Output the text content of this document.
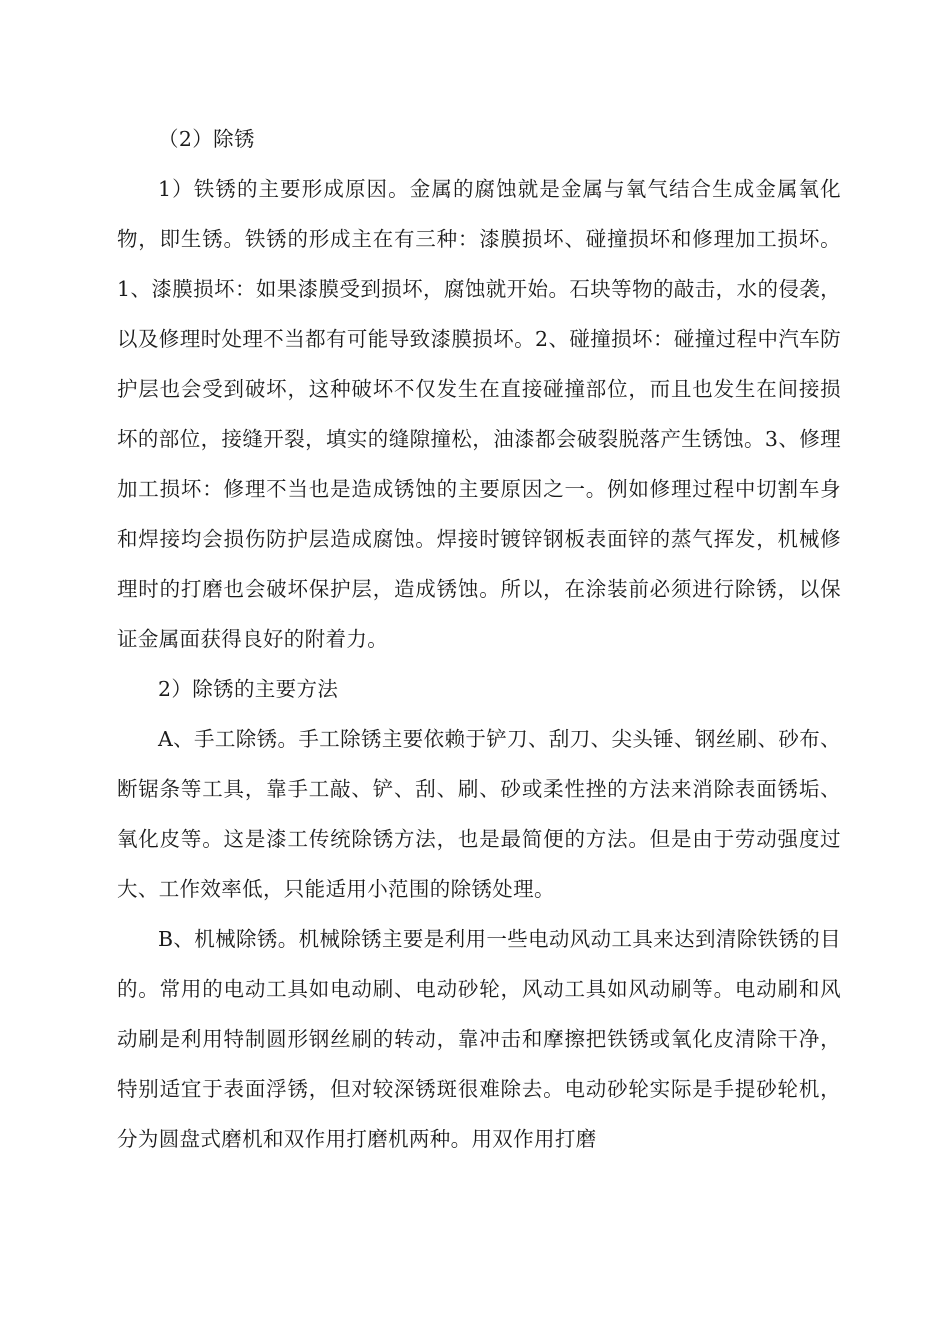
（2）除锈

1）铁锈的主要形成原因。金属的腐蚀就是金属与氧气结合生成金属氧化物，即生锈。铁锈的形成主在有三种：漆膜损坏、碰撞损坏和修理加工损坏。1、漆膜损坏：如果漆膜受到损坏，腐蚀就开始。石块等物的敲击，水的侵袭，以及修理时处理不当都有可能导致漆膜损坏。2、碰撞损坏：碰撞过程中汽车防护层也会受到破坏，这种破坏不仅发生在直接碰撞部位，而且也发生在间接损坏的部位，接缝开裂，填实的缝隙撞松，油漆都会破裂脱落产生锈蚀。3、修理加工损坏：修理不当也是造成锈蚀的主要原因之一。例如修理过程中切割车身和焊接均会损伤防护层造成腐蚀。焊接时镀锌钢板表面锌的蒸气挥发，机械修理时的打磨也会破坏保护层，造成锈蚀。所以，在涂装前必须进行除锈，以保证金属面获得良好的附着力。

2）除锈的主要方法

A、手工除锈。手工除锈主要依赖于铲刀、刮刀、尖头锤、钢丝刷、砂布、断锯条等工具，靠手工敲、铲、刮、刷、砂或柔性挫的方法来消除表面锈垢、氧化皮等。这是漆工传统除锈方法，也是最简便的方法。但是由于劳动强度过大、工作效率低，只能适用小范围的除锈处理。

B、机械除锈。机械除锈主要是利用一些电动风动工具来达到清除铁锈的目的。常用的电动工具如电动刷、电动砂轮，风动工具如风动刷等。电动刷和风动刷是利用特制圆形钢丝刷的转动，靠冲击和摩擦把铁锈或氧化皮清除干净，特别适宜于表面浮锈，但对较深锈斑很难除去。电动砂轮实际是手提砂轮机，分为圆盘式磨机和双作用打磨机两种。用双作用打磨
